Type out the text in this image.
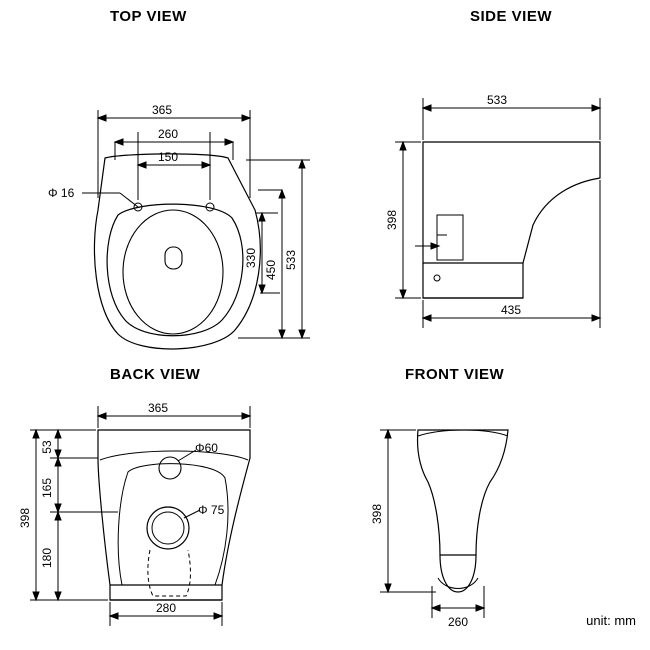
TOP VIEW	SIDE VIEW
BACK VIEW	FRONT VIEW
unit: mm
365
260
150
Φ 16
533
450
330
533
398
435
365
398
53
165
180
Φ60
Φ 75
280
398
260
